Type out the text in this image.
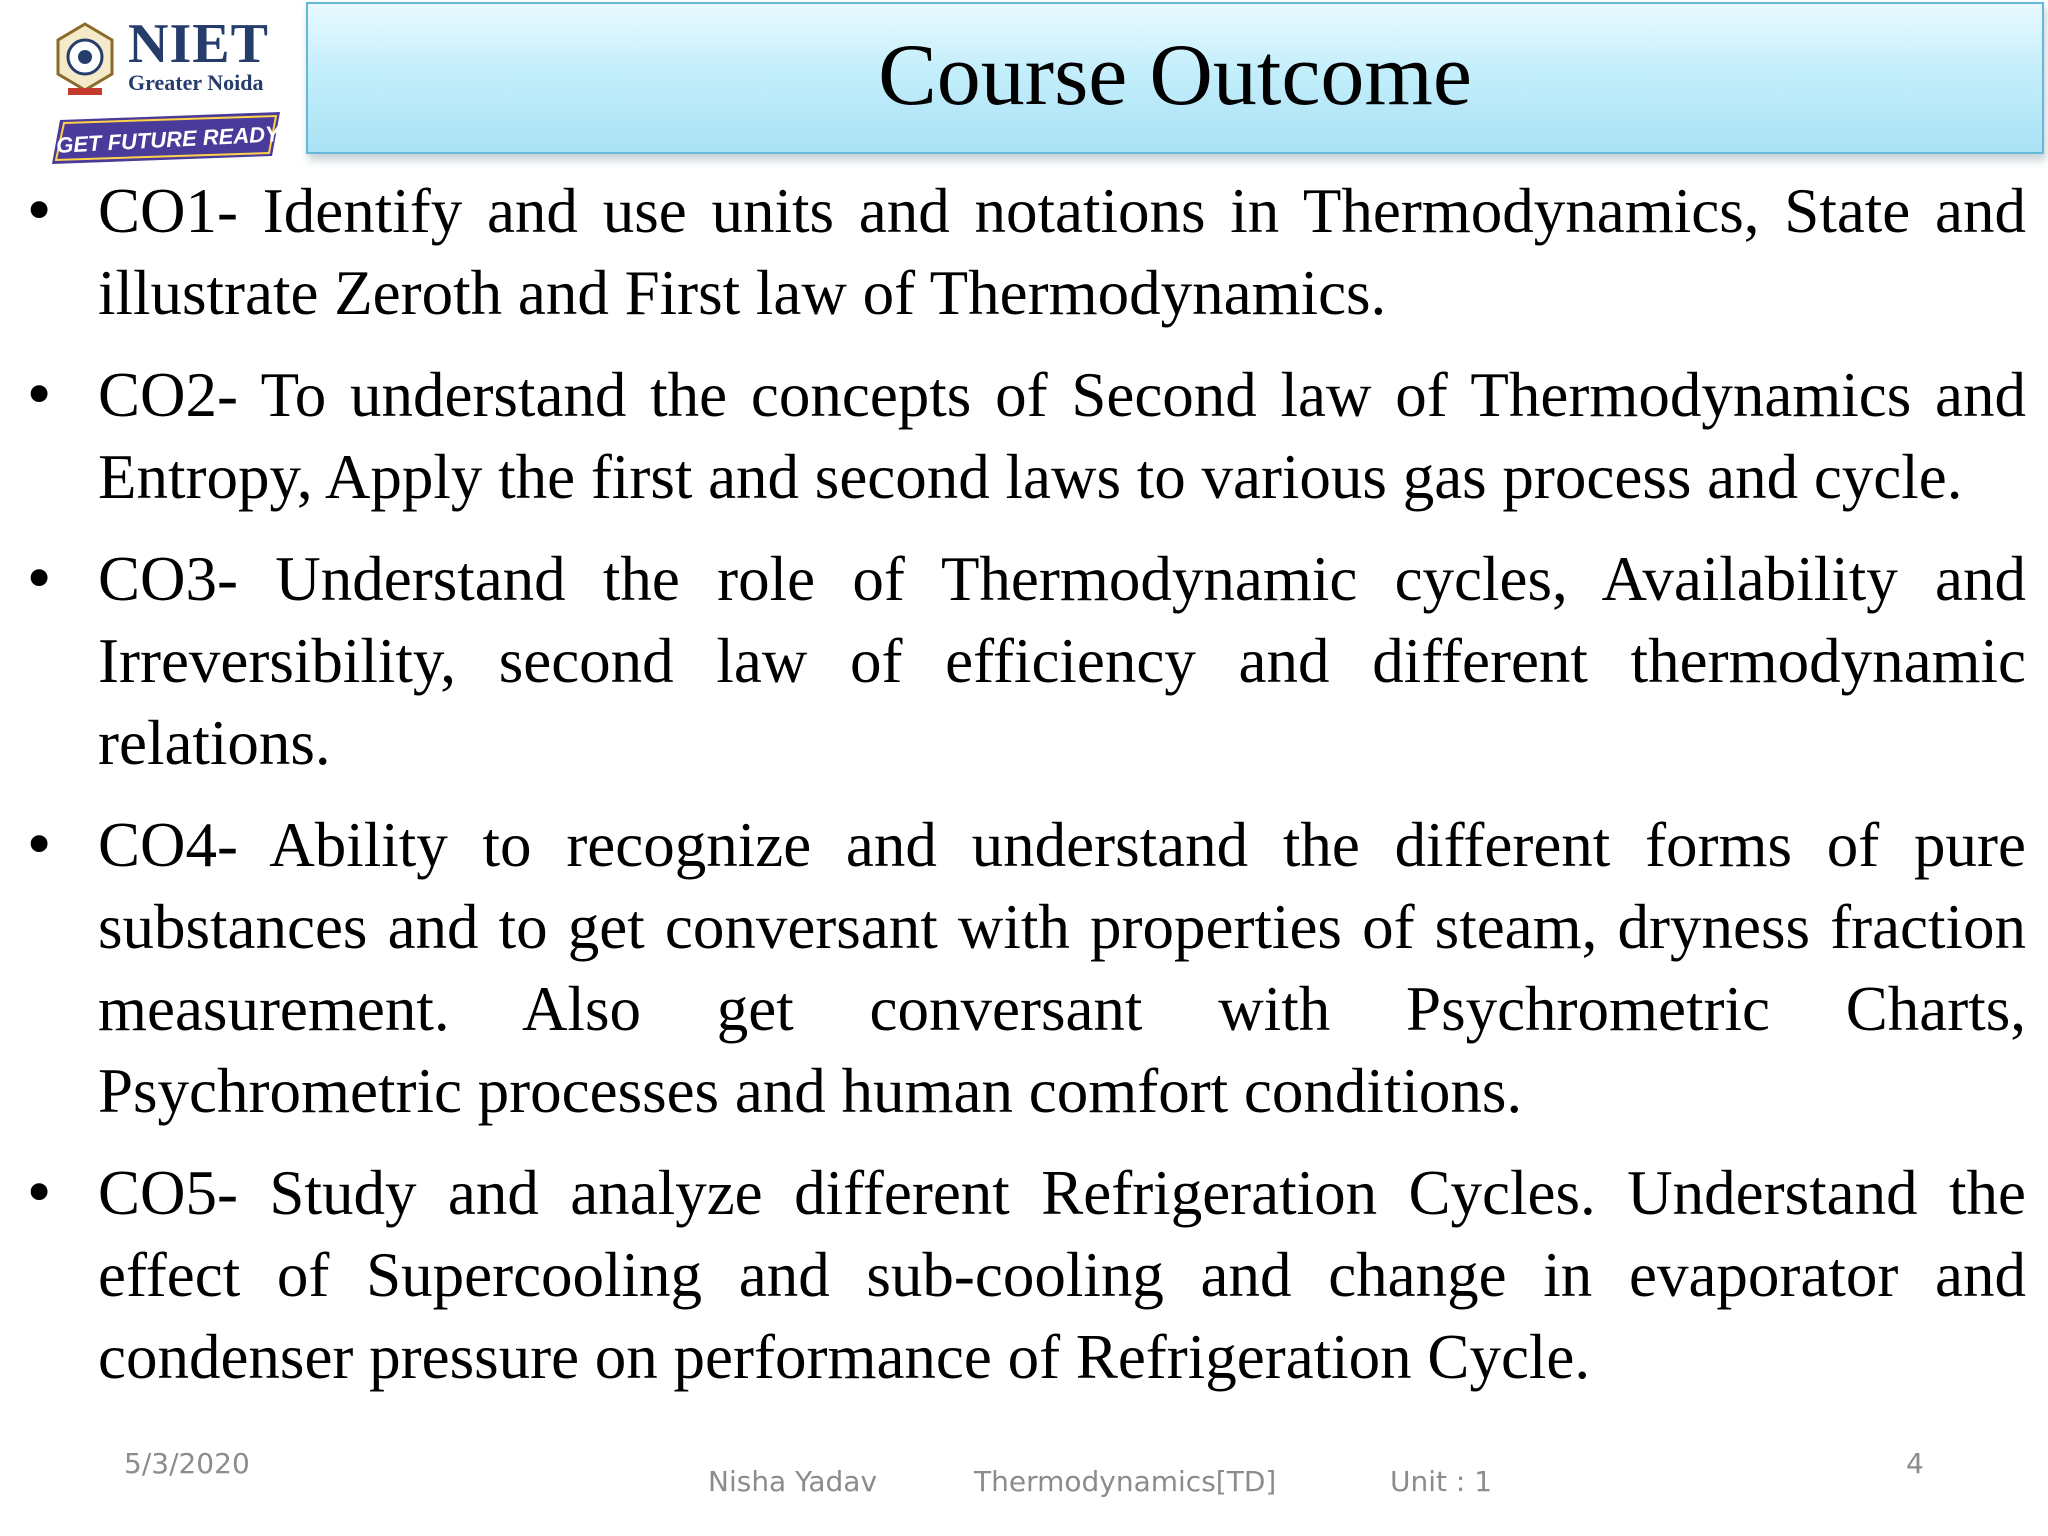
NIET
Greater Noida
GET FUTURE READY
Course Outcome
• CO1- Identify and use units and notations in Thermodynamics, State and illustrate Zeroth and First law of Thermodynamics.
• CO2- To understand the concepts of Second law of Thermodynamics and Entropy, Apply the first and second laws to various gas process and cycle.
• CO3- Understand the role of Thermodynamic cycles, Availability and Irreversibility, second law of efficiency and different thermodynamic relations.
• CO4- Ability to recognize and understand the different forms of pure substances and to get conversant with properties of steam, dryness fraction measurement. Also get conversant with Psychrometric Charts, Psychrometric processes and human comfort conditions.
• CO5- Study and analyze different Refrigeration Cycles. Understand the effect of Supercooling and sub-cooling and change in evaporator and condenser pressure on performance of Refrigeration Cycle.
5/3/2020
Nisha Yadav	Thermodynamics[TD]	Unit : 1
4
